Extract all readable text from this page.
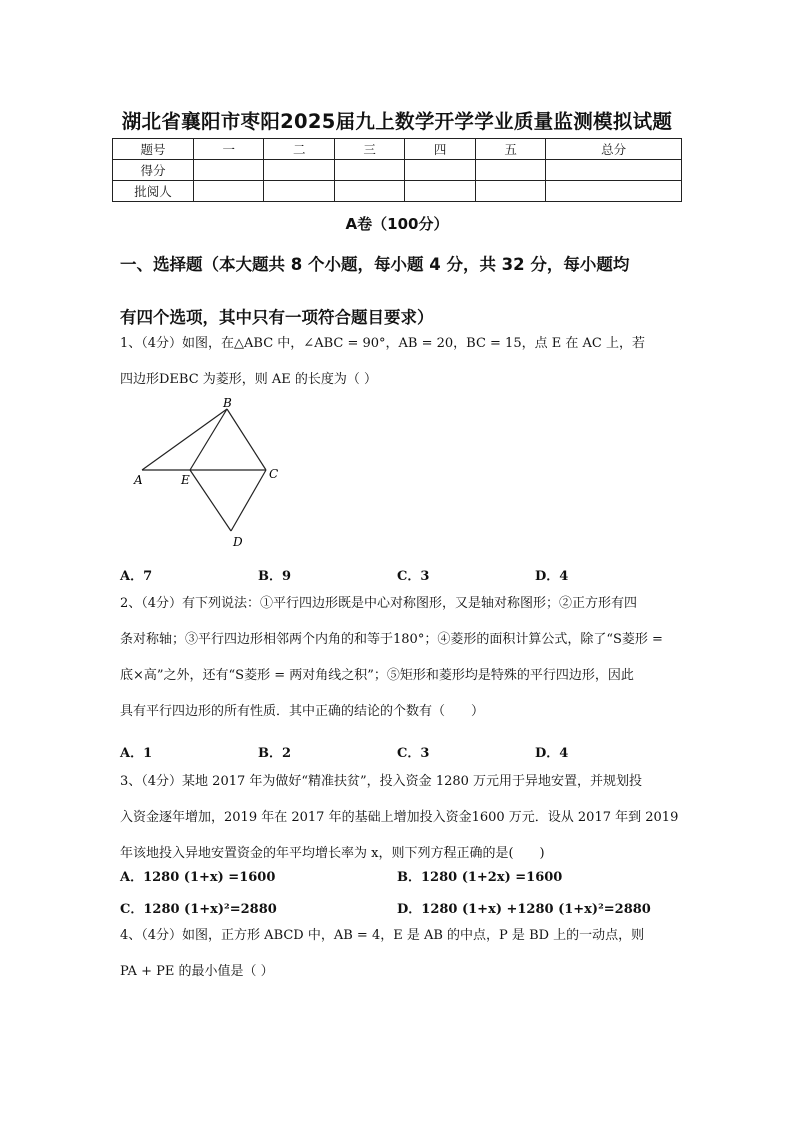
湖北省襄阳市枣阳2025届九上数学开学学业质量监测模拟试题
题号	一	二	三	四	五	总分
得分						
批阅人						
A卷（100分）
一、选择题（本大题共 8 个小题，每小题 4 分，共 32 分，每小题均
有四个选项，其中只有一项符合题目要求）
1、（4分）如图，在△ABC 中，∠ABC = 90°，AB = 20，BC = 15，点 E 在 AC 上，若
四边形DEBC 为菱形，则 AE 的长度为（ ）
B
A	E	C
D
A．7	B．9	C．3	D．4
2、（4分）有下列说法：①平行四边形既是中心对称图形，又是轴对称图形；②正方形有四
条对称轴；③平行四边形相邻两个内角的和等于180°；④菱形的面积计算公式，除了“S菱形 =
底×高”之外，还有“S菱形 = 两对角线之积”；⑤矩形和菱形均是特殊的平行四边形，因此
具有平行四边形的所有性质．其中正确的结论的个数有（　　）
A．1	B．2	C．3	D．4
3、（4分）某地 2017 年为做好“精准扶贫”，投入资金 1280 万元用于异地安置，并规划投
入资金逐年增加，2019 年在 2017 年的基础上增加投入资金1600 万元．设从 2017 年到 2019
年该地投入异地安置资金的年平均增长率为 x，则下列方程正确的是(　　)
A．1280 (1+x) =1600	B．1280 (1+2x) =1600
C．1280 (1+x)²=2880	D．1280 (1+x) +1280 (1+x)²=2880
4、（4分）如图，正方形 ABCD 中，AB = 4，E 是 AB 的中点，P 是 BD 上的一动点，则
PA + PE 的最小值是（ ）
